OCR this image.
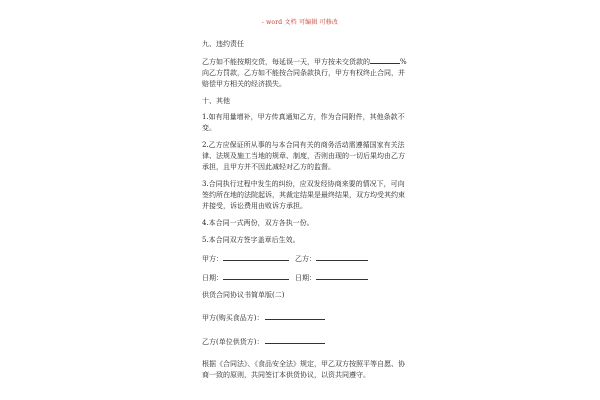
- word 文档 可编辑 可修改
九、违约责任
乙方如不能按期交货，每延误一天，甲方按未交货款的	%
向乙方罚款，乙方如不能按合同条款执行，甲方有权终止合同，并
赔偿甲方相关的经济损失。
十、其他
1.如有用量增补，甲方传真通知乙方，作为合同附件，其他条款不
变。
2.乙方应保证所从事的与本合同有关的商务活动需遵循国家有关法
律、法规及施工当地的规章、制度，否则由现的一切后果均由乙方
承担，且甲方并不因此减轻对乙方的监督。
3.合同执行过程中发生的纠纷，应双发经协商来要的情况下，可向
签约所在地的法院起诉，其裁定结果是最终结果，双方均受其约束
并接受，诉讼费用由败诉方承担。
4.本合同一式两份，双方各执一份。
5.本合同双方签字盖章后生效。
甲方：	乙方：
日期：	日期：
供货合同协议书简单版(二)
甲方(购买食品方)：
乙方(单位供货方)：
根据《合同法》、《食品安全法》规定，甲乙双方按照平等自愿、协
商一致的原则，共同签订本供货协议，以资共同遵守。
